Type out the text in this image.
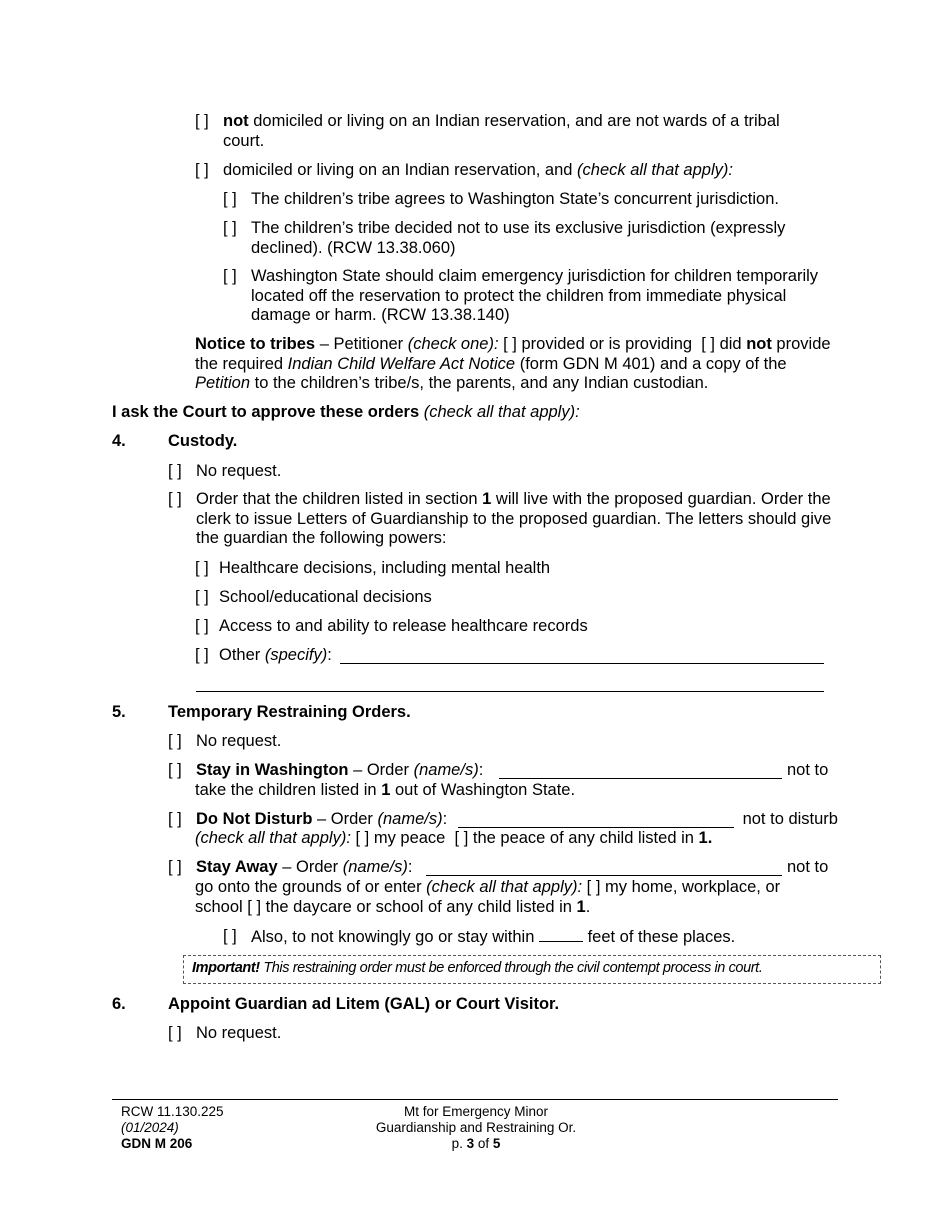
[ ] not domiciled or living on an Indian reservation, and are not wards of a tribal court.
[ ] domiciled or living on an Indian reservation, and (check all that apply):
[ ] The children’s tribe agrees to Washington State’s concurrent jurisdiction.
[ ] The children’s tribe decided not to use its exclusive jurisdiction (expressly declined). (RCW 13.38.060)
[ ] Washington State should claim emergency jurisdiction for children temporarily located off the reservation to protect the children from immediate physical damage or harm. (RCW 13.38.140)
Notice to tribes – Petitioner (check one): [ ] provided or is providing  [ ] did not provide the required Indian Child Welfare Act Notice (form GDN M 401) and a copy of the Petition to the children’s tribe/s, the parents, and any Indian custodian.
I ask the Court to approve these orders (check all that apply):
4.	Custody.
[ ] No request.
[ ] Order that the children listed in section 1 will live with the proposed guardian. Order the clerk to issue Letters of Guardianship to the proposed guardian. The letters should give the guardian the following powers:
[ ] Healthcare decisions, including mental health
[ ] School/educational decisions
[ ] Access to and ability to release healthcare records
[ ] Other (specify):
5.	Temporary Restraining Orders.
[ ] No request.
[ ] Stay in Washington – Order (name/s):	not to
take the children listed in 1 out of Washington State.
[ ] Do Not Disturb – Order (name/s):	not to disturb
(check all that apply): [ ] my peace  [ ] the peace of any child listed in 1.
[ ] Stay Away – Order (name/s):	not to
go onto the grounds of or enter (check all that apply): [ ] my home, workplace, or school [ ] the daycare or school of any child listed in 1.
[ ] Also, to not knowingly go or stay within	feet of these places.
Important! This restraining order must be enforced through the civil contempt process in court.
6.	Appoint Guardian ad Litem (GAL) or Court Visitor.
[ ] No request.
RCW 11.130.225
(01/2024)
GDN M 206
Mt for Emergency Minor
Guardianship and Restraining Or.
p. 3 of 5
